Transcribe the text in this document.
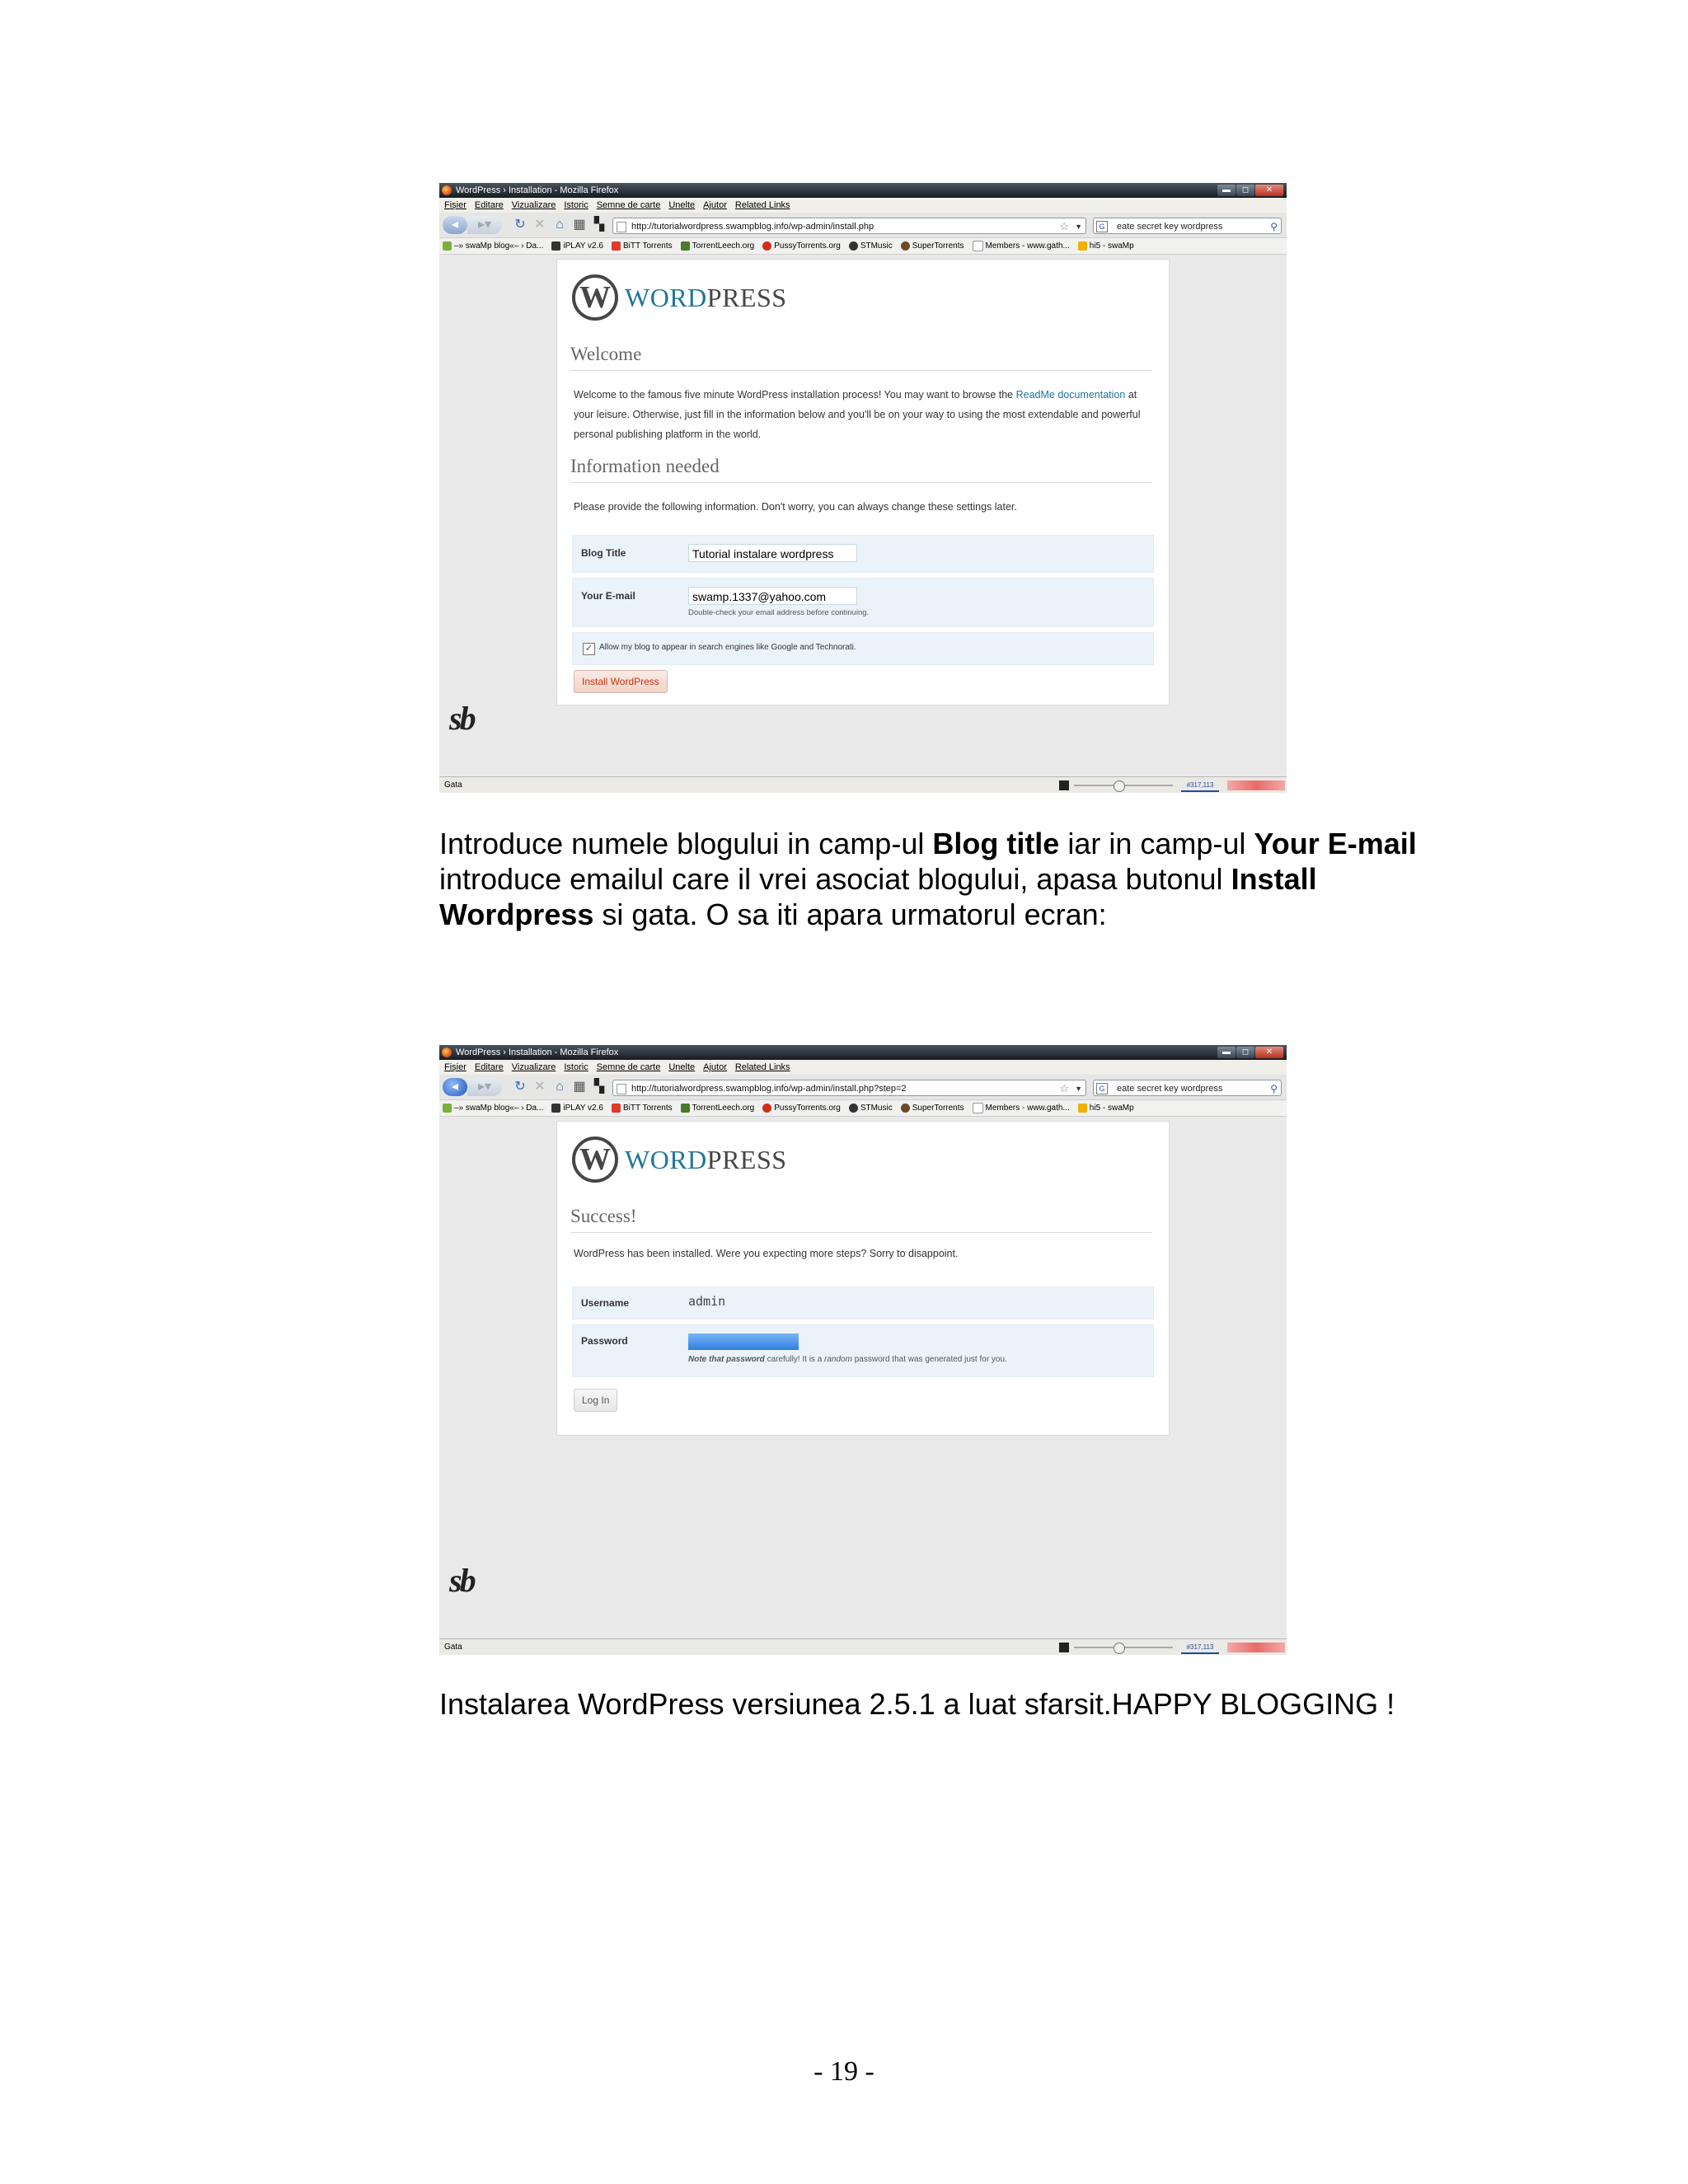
WordPress › Installation - Mozilla Firefox	▬	◻	✕
Fișier Editare Vizualizare Istoric Semne de carte Unelte Ajutor Related Links
▸▾
◂	↻ ✕ ⌂ ▦ ▚	http://tutorialwordpress.swampblog.info/wp-admin/install.php	☆ ▼	G	eate secret key wordpress	⚲
–» swaMp blog«– › Da... iPLAY v2.6 BiTT Torrents TorrentLeech.org PussyTorrents.org STMusic SuperTorrents	Members - www.gath... hi5 - swaMp
W WORDPRESS
Welcome
Welcome to the famous five minute WordPress installation process! You may want to browse the ReadMe documentation at your leisure. Otherwise, just fill in the information below and you'll be on your way to using the most extendable and powerful personal publishing platform in the world.
Information needed
Please provide the following information. Don't worry, you can always change these settings later.
Blog Title	Tutorial instalare wordpress
Your E-mail	swamp.1337@yahoo.com
Double-check your email address before continuing.
✓ Allow my blog to appear in search engines like Google and Technorati.
Install WordPress
sb
Gata	#317,113
Introduce numele blogului in camp-ul Blog title iar in camp-ul Your E-mail introduce emailul care il vrei asociat blogului, apasa butonul Install Wordpress si gata. O sa iti apara urmatorul ecran:
WordPress › Installation - Mozilla Firefox	▬	◻	✕
Fișier Editare Vizualizare Istoric Semne de carte Unelte Ajutor Related Links
▸▾
◂	↻ ✕ ⌂ ▦ ▚	http://tutorialwordpress.swampblog.info/wp-admin/install.php?step=2	☆ ▼	G	eate secret key wordpress	⚲
–» swaMp blog«– › Da... iPLAY v2.6 BiTT Torrents TorrentLeech.org PussyTorrents.org STMusic SuperTorrents	Members - www.gath... hi5 - swaMp
W WORDPRESS
Success!
WordPress has been installed. Were you expecting more steps? Sorry to disappoint.
Username	admin
Password
Note that password carefully! It is a random password that was generated just for you.
Log In
sb
Gata	#317,113
Instalarea WordPress versiunea 2.5.1 a luat sfarsit.HAPPY BLOGGING !
- 19 -
